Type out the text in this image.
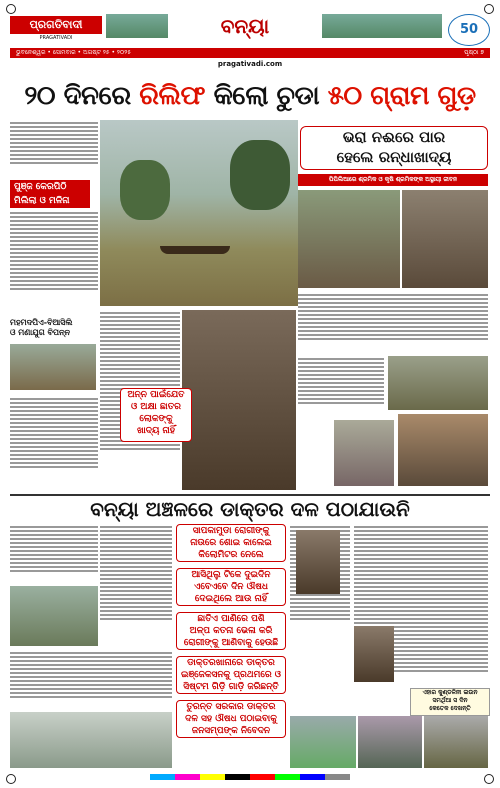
ପ୍ରଗତିବାଦୀ
PRAGATIVADI	ବନ୍ୟା	50
ଭୁବନେଶ୍ୱର • ସୋମବାର • ଅଗଷ୍ଟ ୨୫ • ୨୦୨୫	ପୃଷ୍ଠା ୭
pragativadi.com
୨୦ ଦିନରେ ରିଲିଫ କିଲୋ ଚୁଡା ୫୦ ଗ୍ରାମ ଗୁଡ଼
ପୁଞ୍ଜ କେରପିଠି
ମିଲିଲା ଓ ମଳିନା
ଭରା ନଈରେ ପାର
ହେଲେ ରନ୍ଧାଖାଦ୍ୟ
ପିପିଲିଆରେ ଶ୍ରମିକ ଓ କୃଷି ଶ୍ରମିକଙ୍କ ଅସ୍ଥାୟୀ ଜୀବନ
ମହମଦପିଏ-ବିଆସିଲି
ଓ ମଣାଯୁଗ ବିପନ୍ନ
ଅନ୍ନ ପାଇଁଯେତ
ଓ ଅକ୍ଷା ଛାତର
ଲୋକଙ୍କୁ
ଖାଦ୍ୟ ନାହିଁ
ବନ୍ୟା ଅଞ୍ଚଳରେ ଡାକ୍ତର ଦଳ ପଠାଯାଉନି
ସାପକାମୁଡା ରୋଗୀଙ୍କୁ
ନାଉରେ ଶୋଇ କାଲେଇ
କିଲୋମିଟର ନେଲେ
ଆସିଥିଲୁ ଟିକେ ଦୁଇଦିନ
ଏବେଏବେ ଦିନ ଔଷଧ
ଦେଇଥିଲେ ଆଉ ନାହିଁ
ଛାତିଏ ପାଣିରେ ପଶି
ଅଳ୍ପ କତନା ଭେଳା କରି
ରୋଗୀଙ୍କୁ ଆଣିବାକୁ ହେଉଛି
ଡାକ୍ତରଖାନାରେ ଡାକ୍ତର
ଇଞ୍ଜେକସନକୁ ପ୍ରଥମରେ ଓ
ସିଷ୍ଟମ ଗିଡ଼ି ଗାଡ଼ି ଜରିଛନ୍ତି
ତୁରନ୍ତ ସରକାର ଡାକ୍ତର
ଦଳ ସହ ଔଷଧ ପଠାଇବାକୁ
ଜନସମ୍ପଙ୍କ ନିବେଦନ
ଏହାର କୁଣ୍ଡଳିନୀ ଇଉନ
ସମର୍ଥିଆ ସ ଦିନ
କେତେକ ଦେଖନ୍ତି
